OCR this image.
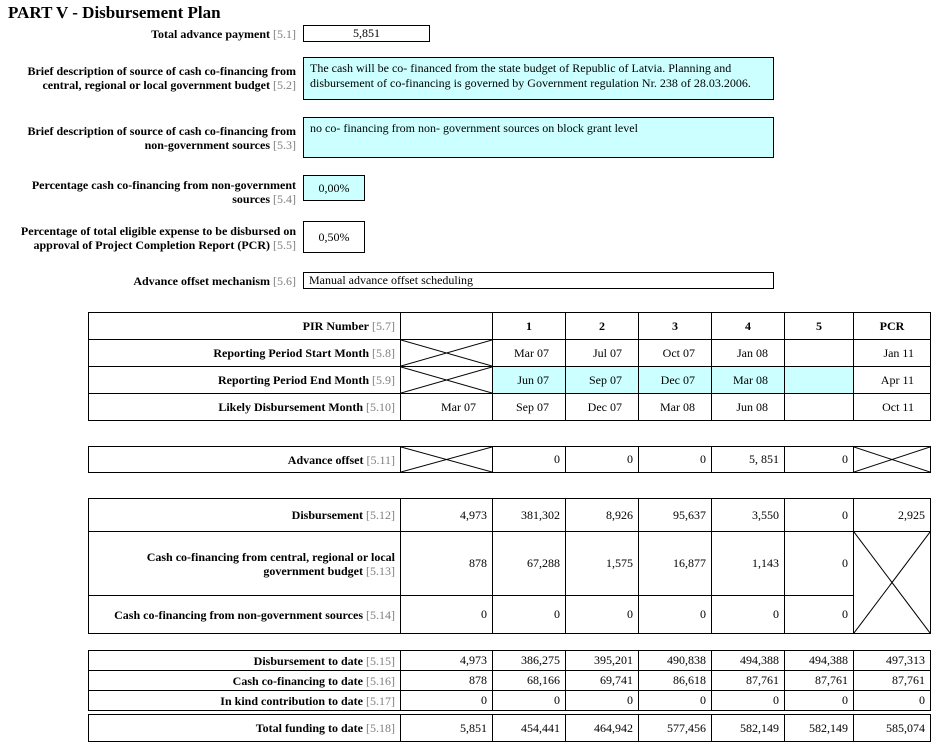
PART V - Disbursement Plan
Total advance payment [5.1]	5,851
Brief description of source of cash co-financing from central, regional or local government budget [5.2]
The cash will be co- financed from the state budget of Republic of Latvia. Planning and disbursement of co-financing is governed by Government regulation Nr. 238 of 28.03.2006.
Brief description of source of cash co-financing from non-government sources [5.3]
no co- financing from non- government sources on block grant level
Percentage cash co-financing from non-government sources [5.4]
0,00%
Percentage of total eligible expense to be disbursed on approval of Project Completion Report (PCR) [5.5]
0,50%
Advance offset mechanism [5.6]	Manual advance offset scheduling
PIR Number [5.7]		1	2	3	4	5	PCR
Reporting Period Start Month [5.8]		Mar 07	Jul 07	Oct 07	Jan 08		Jan 11
Reporting Period End Month [5.9]		Jun 07	Sep 07	Dec 07	Mar 08		Apr 11
Likely Disbursement Month [5.10]	Mar 07	Sep 07	Dec 07	Mar 08	Jun 08		Oct 11
Advance offset [5.11]		0	0	0	5, 851	0	
Disbursement [5.12]	4,973	381,302	8,926	95,637	3,550	0	2,925
Cash co-financing from central, regional or local government budget [5.13]	878	67,288	1,575	16,877	1,143	0	

Cash co-financing from non-government sources [5.14]	0	0	0	0	0	0	
Disbursement to date [5.15]	4,973	386,275	395,201	490,838	494,388	494,388	497,313
Cash co-financing to date [5.16]	878	68,166	69,741	86,618	87,761	87,761	87,761
In kind contribution to date [5.17]	0	0	0	0	0	0	0
Total funding to date [5.18]	5,851	454,441	464,942	577,456	582,149	582,149	585,074
